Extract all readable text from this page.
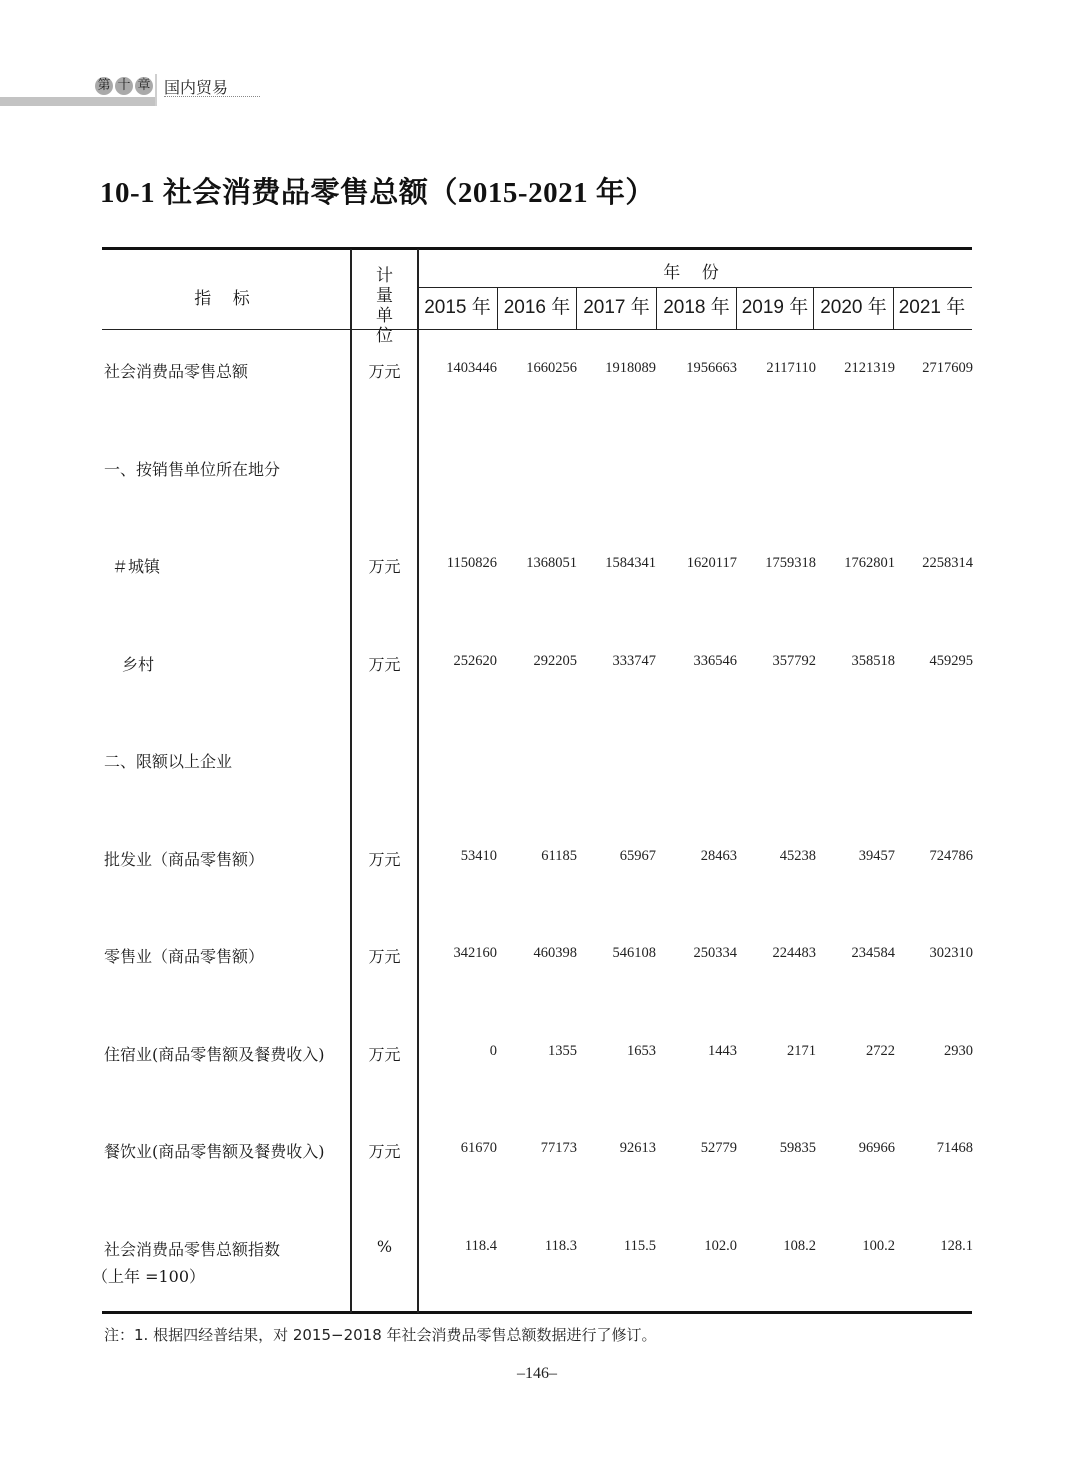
第 十 章 国内贸易
10-1 社会消费品零售总额（2015-2021 年）
指 标
计 量
单 位
年 份
2015 年 2016 年 2017 年 2018 年 2019 年 2020 年 2021 年
社会消费品零售总额	万元	1403446	1660256	1918089	1956663	2117110	2121319	2717609
一、按销售单位所在地分
＃城镇	万元	1150826	1368051	1584341	1620117	1759318	1762801	2258314
乡村	万元	252620	292205	333747	336546	357792	358518	459295
二、限额以上企业
批发业（商品零售额）	万元	53410	61185	65967	28463	45238	39457	724786
零售业（商品零售额）	万元	342160	460398	546108	250334	224483	234584	302310
住宿业(商品零售额及餐费收入)	万元	0	1355	1653	1443	2171	2722	2930
餐饮业(商品零售额及餐费收入)	万元	61670	77173	92613	52779	59835	96966	71468
社会消费品零售总额指数
（上年 =100）
%	118.4	118.3	115.5	102.0	108.2	100.2	128.1
注：1. 根据四经普结果，对 2015−2018 年社会消费品零售总额数据进行了修订。
–146–
